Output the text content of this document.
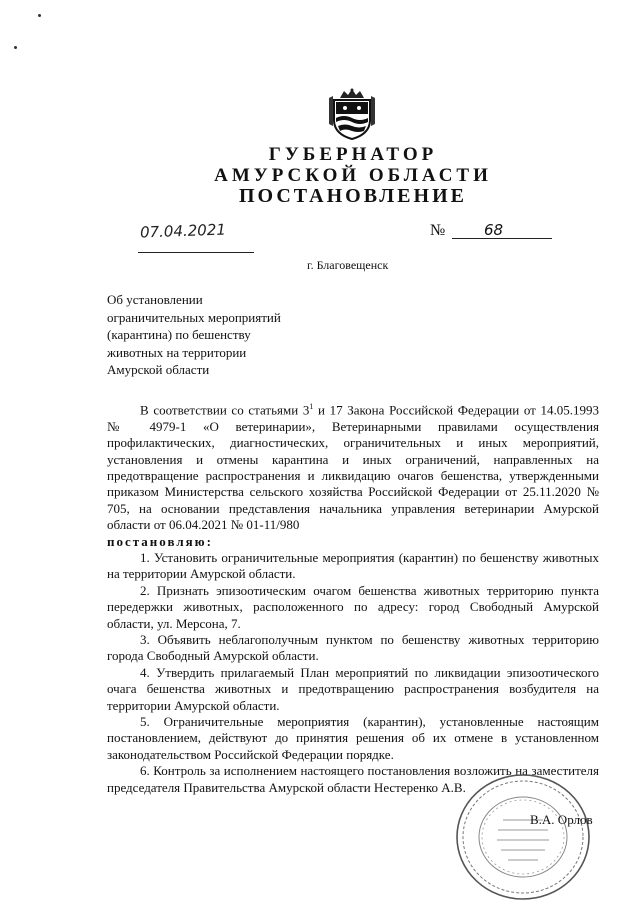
ГУБЕРНАТОР
АМУРСКОЙ ОБЛАСТИ
ПОСТАНОВЛЕНИЕ
07.04.2021	№	68
г. Благовещенск
Об установлении
ограничительных мероприятий
(карантина) по бешенству
животных на территории
Амурской области

В соответствии со статьями $3^1$ и 17 Закона Российской Федерации от 14.05.1993 № 4979-1 «О ветеринарии», Ветеринарными правилами осуществления профилактических, диагностических, ограничительных и иных мероприятий, установления и отмены карантина и иных ограничений, направленных на предотвращение распространения и ликвидацию очагов бешенства, утвержденными приказом Министерства сельского хозяйства Российской Федерации от 25.11.2020 № 705, на основании представления начальника управления ветеринарии Амурской области от 06.04.2021 № 01-11/980

постановляю:

1. Установить ограничительные мероприятия (карантин) по бешенству животных на территории Амурской области.

2. Признать эпизоотическим очагом бешенства животных территорию пункта передержки животных, расположенного по адресу: город Свободный Амурской области, ул. Мерсона, 7.

3. Объявить неблагополучным пунктом по бешенству животных территорию города Свободный Амурской области.

4. Утвердить прилагаемый План мероприятий по ликвидации эпизоотического очага бешенства животных и предотвращению распространения возбудителя на территории Амурской области.

5. Ограничительные мероприятия (карантин), установленные настоящим постановлением, действуют до принятия решения об их отмене в установленном законодательством Российской Федерации порядке.

6. Контроль за исполнением настоящего постановления возложить на заместителя председателя Правительства Амурской области Нестеренко А.В.

В.А. Орлов
